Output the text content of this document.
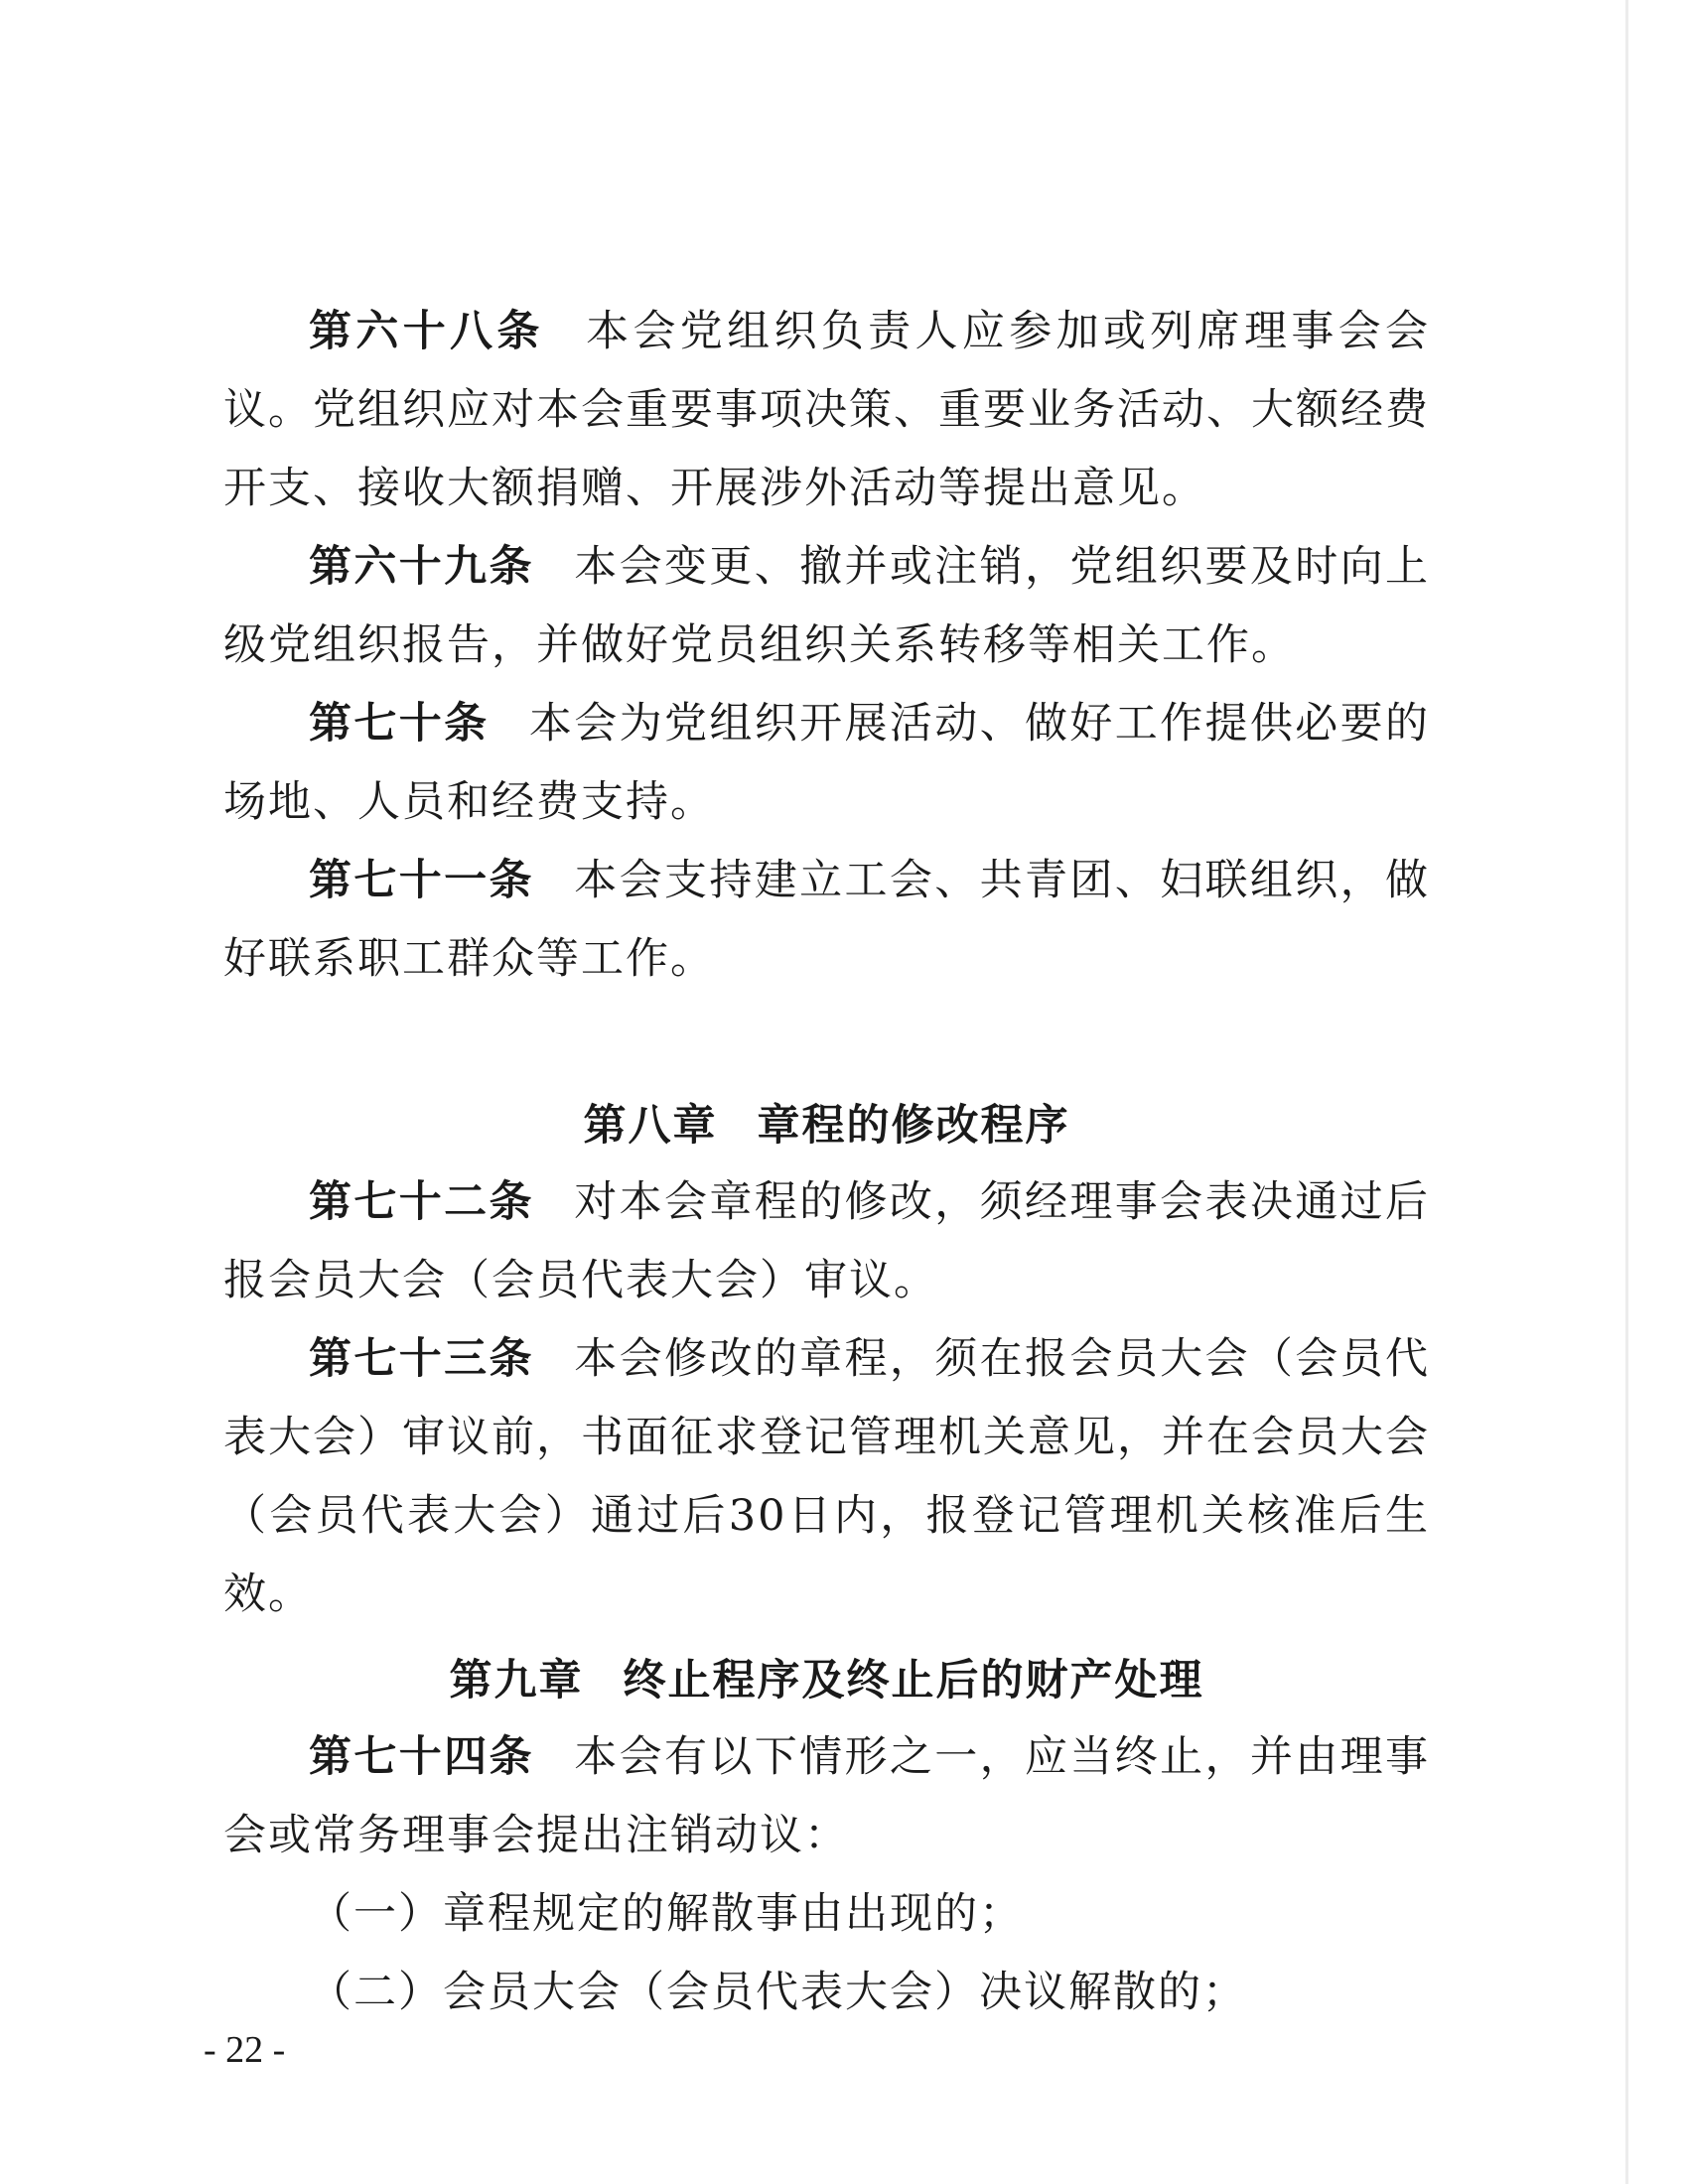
第六十八条 本会党组织负责人应参加或列席理事会会议。党组织应对本会重要事项决策、重要业务活动、大额经费开支、接收大额捐赠、开展涉外活动等提出意见。

第六十九条 本会变更、撤并或注销，党组织要及时向上级党组织报告，并做好党员组织关系转移等相关工作。

第七十条 本会为党组织开展活动、做好工作提供必要的场地、人员和经费支持。

第七十一条 本会支持建立工会、共青团、妇联组织，做好联系职工群众等工作。

第八章 章程的修改程序

第七十二条 对本会章程的修改，须经理事会表决通过后报会员大会（会员代表大会）审议。

第七十三条 本会修改的章程，须在报会员大会（会员代表大会）审议前，书面征求登记管理机关意见，并在会员大会（会员代表大会）通过后30日内，报登记管理机关核准后生效。

第九章 终止程序及终止后的财产处理

第七十四条 本会有以下情形之一，应当终止，并由理事会或常务理事会提出注销动议：

（一）章程规定的解散事由出现的；

（二）会员大会（会员代表大会）决议解散的；

- 22 -
